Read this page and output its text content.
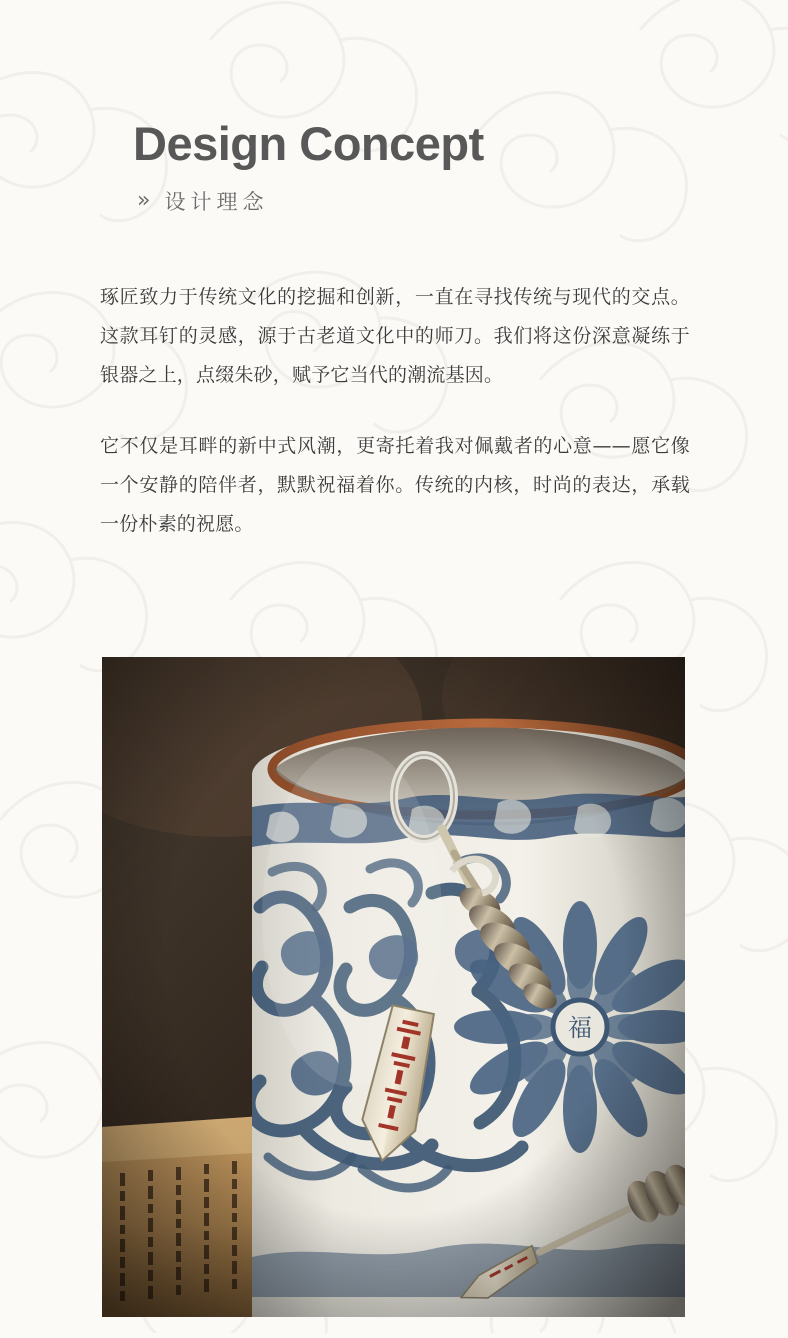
Design Concept
» 设计理念

琢匠致力于传统文化的挖掘和创新，一直在寻找传统与现代的交点。这款耳钉的灵感，源于古老道文化中的师刀。我们将这份深意凝练于银器之上，点缀朱砂，赋予它当代的潮流基因。

它不仅是耳畔的新中式风潮，更寄托着我对佩戴者的心意——愿它像一个安静的陪伴者，默默祝福着你。传统的内核，时尚的表达，承载一份朴素的祝愿。
